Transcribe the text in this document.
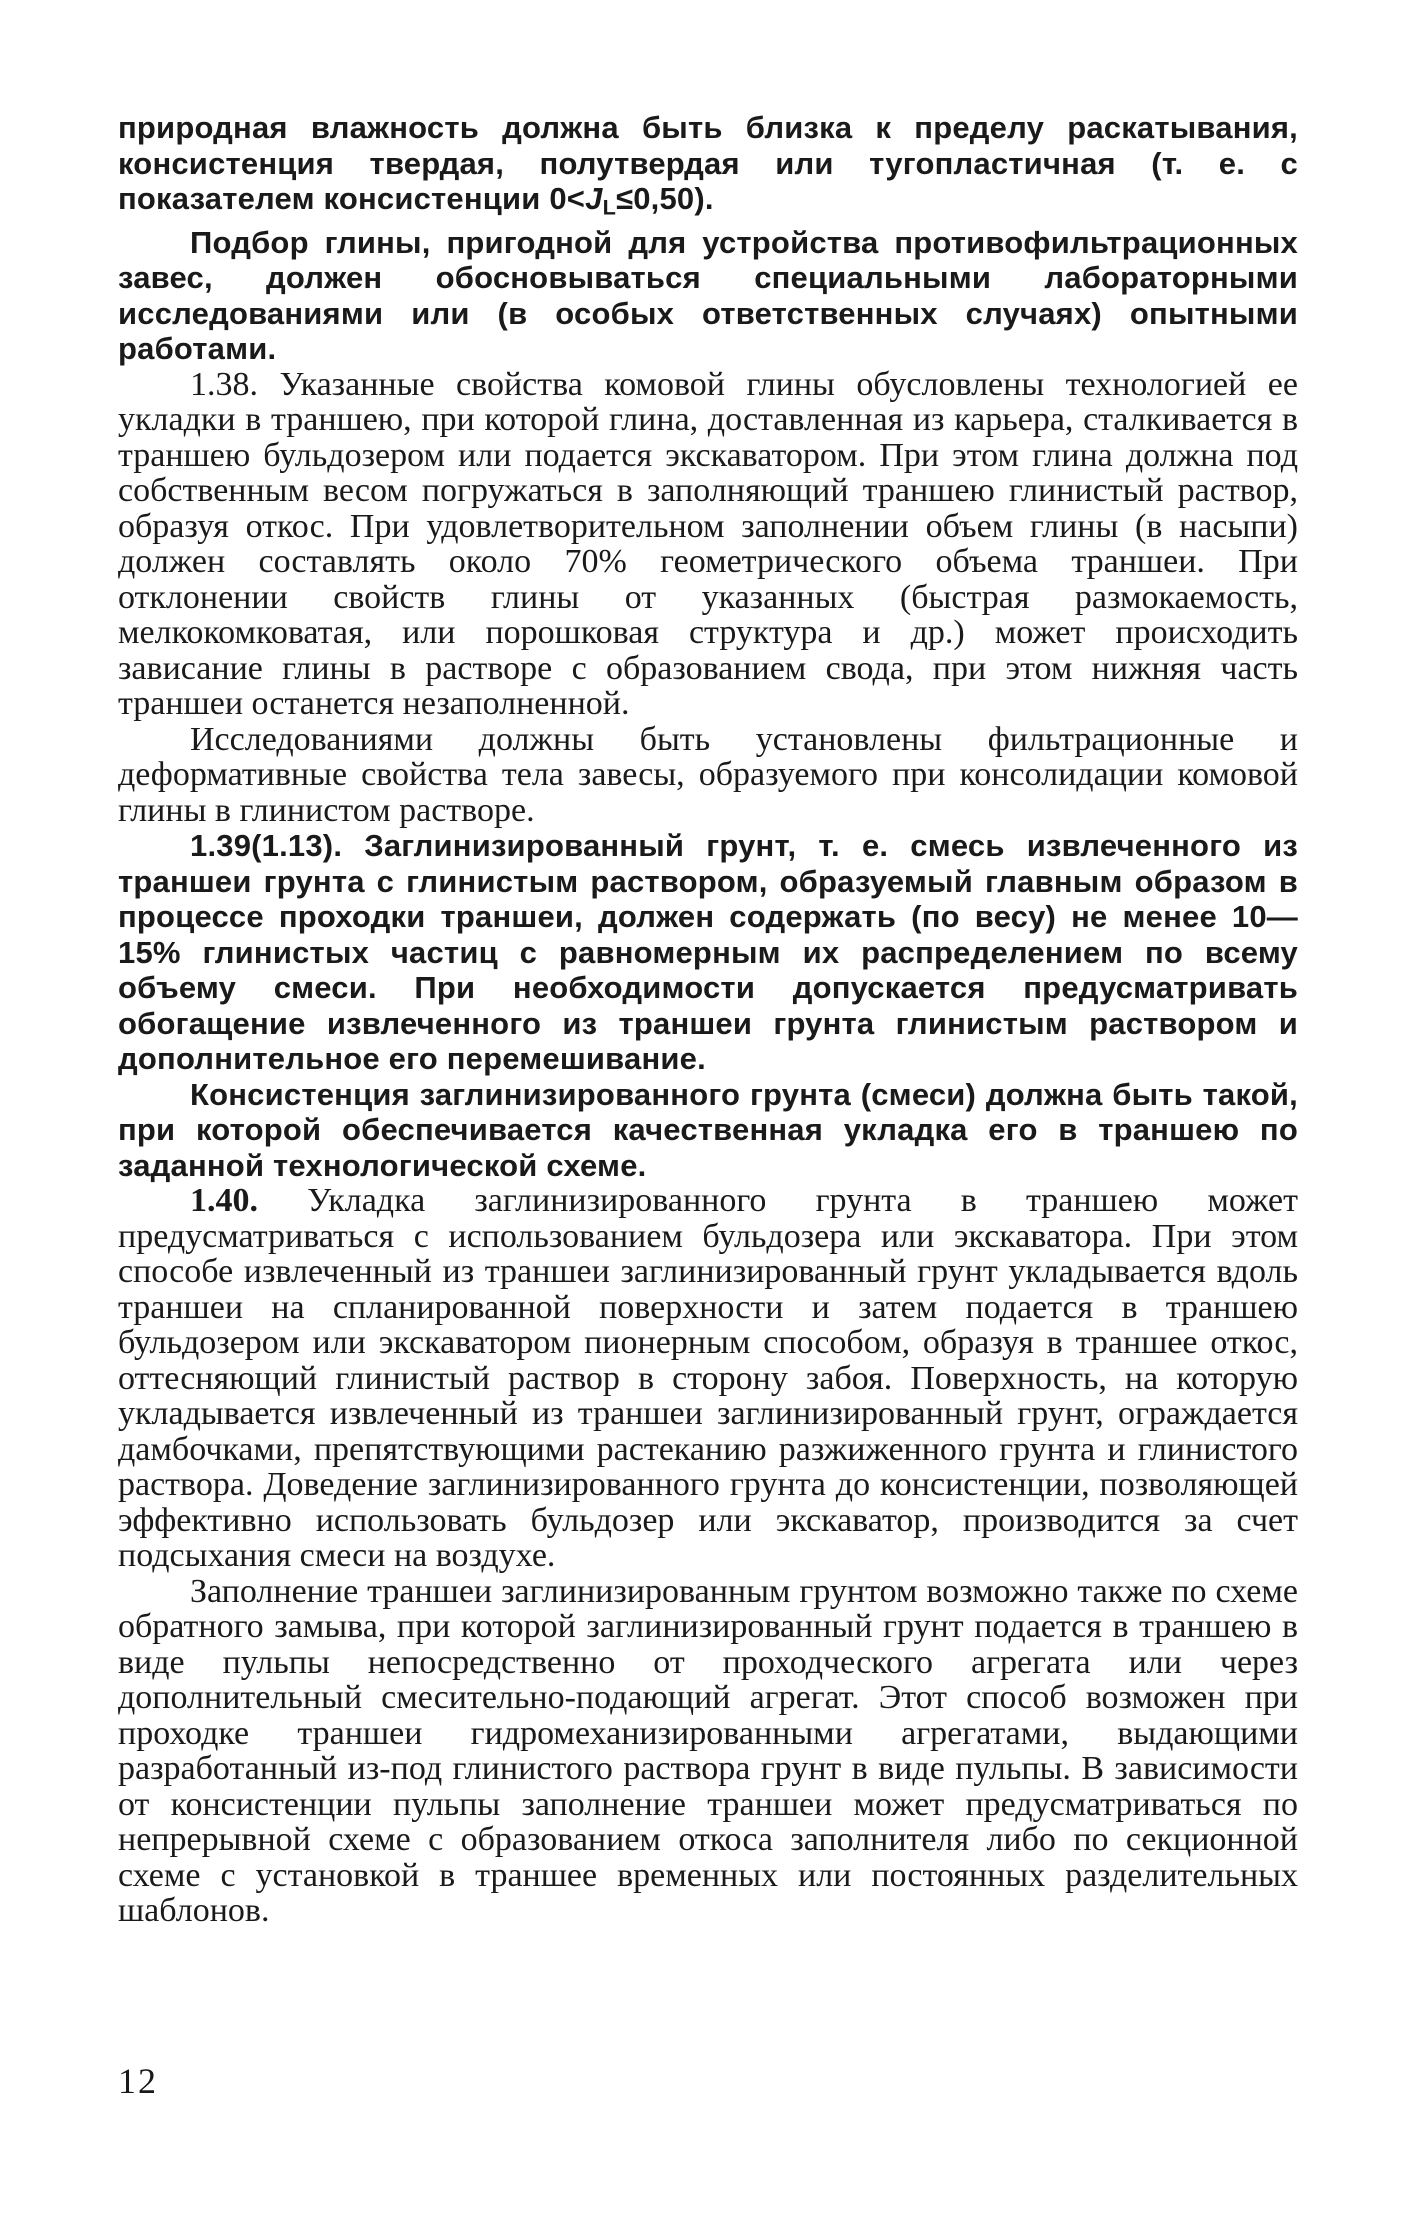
природная влажность должна быть близка к пределу раскатывания, консистенция твердая, полутвердая или тугопластичная (т. е. с показателем консистенции $0<J_L\le 0,50$).

Подбор глины, пригодной для устройства противофильтрационных завес, должен обосновываться специальными лабораторными исследованиями или (в особых ответственных случаях) опытными работами.

1.38. Указанные свойства комовой глины обусловлены технологией ее укладки в траншею, при которой глина, доставленная из карьера, сталкивается в траншею бульдозером или подается экскаватором. При этом глина должна под собственным весом погружаться в заполняющий траншею глинистый раствор, образуя откос. При удовлетворительном заполнении объем глины (в насыпи) должен составлять около 70% геометрического объема траншеи. При отклонении свойств глины от указанных (быстрая размокаемость, мелкокомковатая, или порошковая структура и др.) может происходить зависание глины в растворе с образованием свода, при этом нижняя часть траншеи останется незаполненной.

Исследованиями должны быть установлены фильтрационные и деформативные свойства тела завесы, образуемого при консолидации комовой глины в глинистом растворе.

1.39(1.13). Заглинизированный грунт, т. е. смесь извлеченного из траншеи грунта с глинистым раствором, образуемый главным образом в процессе проходки траншеи, должен содержать (по весу) не менее 10—15% глинистых частиц с равномерным их распределением по всему объему смеси. При необходимости допускается предусматривать обогащение извлеченного из траншеи грунта глинистым раствором и дополнительное его перемешивание.

Консистенция заглинизированного грунта (смеси) должна быть такой, при которой обеспечивается качественная укладка его в траншею по заданной технологической схеме.

1.40. Укладка заглинизированного грунта в траншею может предусматриваться с использованием бульдозера или экскаватора. При этом способе извлеченный из траншеи заглинизированный грунт укладывается вдоль траншеи на спланированной поверхности и затем подается в траншею бульдозером или экскаватором пионерным способом, образуя в траншее откос, оттесняющий глинистый раствор в сторону забоя. Поверхность, на которую укладывается извлеченный из траншеи заглинизированный грунт, ограждается дамбочками, препятствующими растеканию разжиженного грунта и глинистого раствора. Доведение заглинизированного грунта до консистенции, позволяющей эффективно использовать бульдозер или экскаватор, производится за счет подсыхания смеси на воздухе.

Заполнение траншеи заглинизированным грунтом возможно также по схеме обратного замыва, при которой заглинизированный грунт подается в траншею в виде пульпы непосредственно от проходческого агрегата или через дополнительный смесительно-подающий агрегат. Этот способ возможен при проходке траншеи гидромеханизированными агрегатами, выдающими разработанный из-под глинистого раствора грунт в виде пульпы. В зависимости от консистенции пульпы заполнение траншеи может предусматриваться по непрерывной схеме с образованием откоса заполнителя либо по секционной схеме с установкой в траншее временных или постоянных разделительных шаблонов.

12
